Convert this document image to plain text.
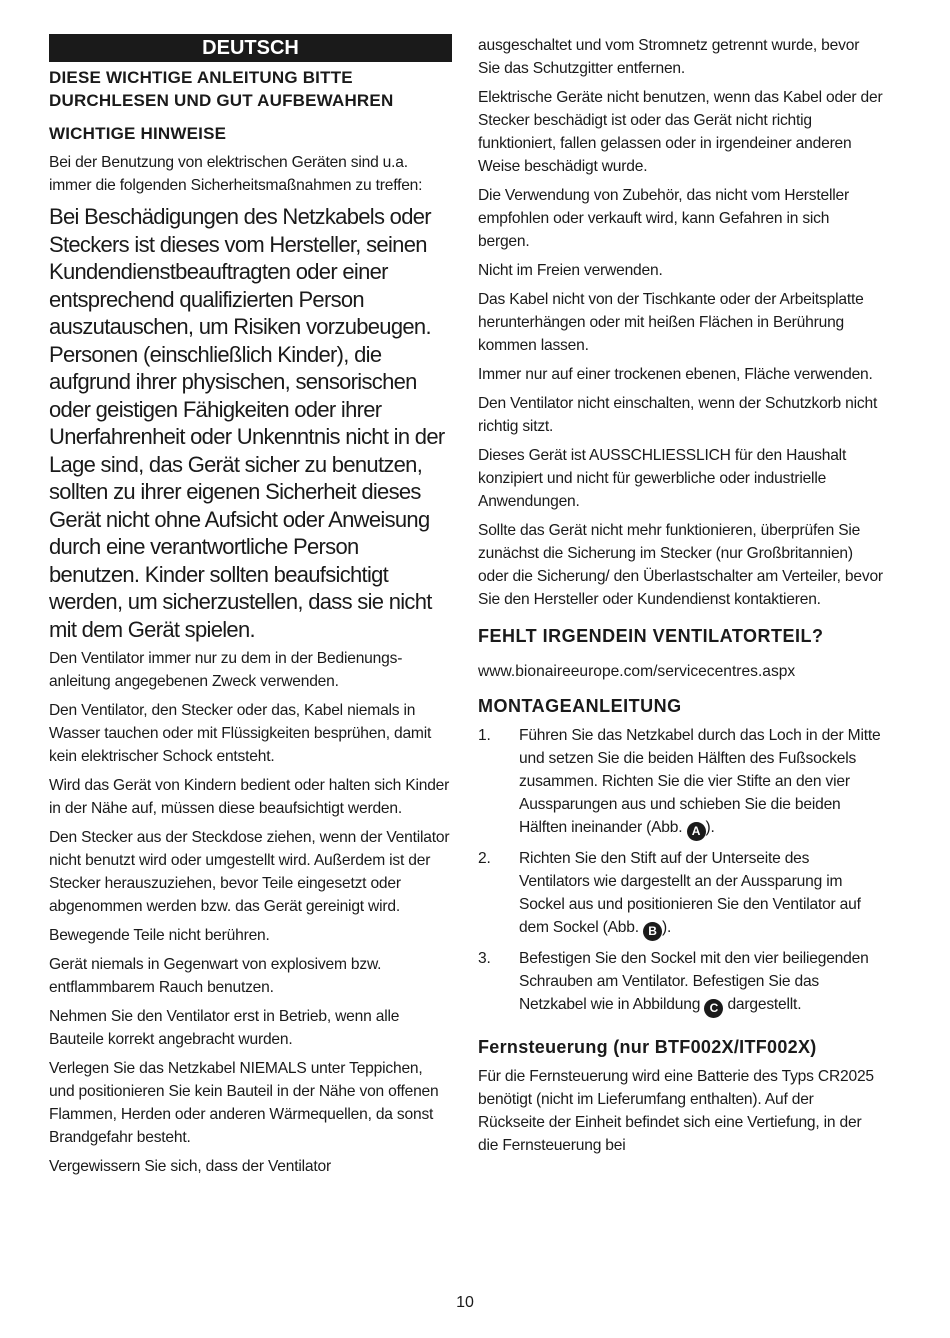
DEUTSCH
DIESE WICHTIGE ANLEITUNG BITTE DURCHLESEN UND GUT AUFBEWAHREN
WICHTIGE HINWEISE

Bei der Benutzung von elektrischen Geräten sind u.a. immer die folgenden Sicherheitsmaßnahmen zu treffen:

Bei Beschädigungen des Netzkabels oder Steckers ist dieses vom Hersteller, seinen Kundendienstbeauftragten oder einer entsprechend qualifizierten Person auszutauschen, um Risiken vorzubeugen.
Personen (einschließlich Kinder), die aufgrund ihrer physischen, sensorischen oder geistigen Fähigkeiten oder ihrer Unerfahrenheit oder Unkenntnis nicht in der Lage sind, das Gerät sicher zu benutzen, sollten zu ihrer eigenen Sicherheit dieses Gerät nicht ohne Aufsicht oder Anweisung durch eine verantwortliche Person benutzen. Kinder sollten beaufsichtigt werden, um sicherzustellen, dass sie nicht mit dem Gerät spielen.

Den Ventilator immer nur zu dem in der Bedienungsanleitung angegebenen Zweck verwenden.

Den Ventilator, den Stecker oder das, Kabel niemals in Wasser tauchen oder mit Flüssigkeiten besprühen, damit kein elektrischer Schock entsteht.

Wird das Gerät von Kindern bedient oder halten sich Kinder in der Nähe auf, müssen diese beaufsichtigt werden.

Den Stecker aus der Steckdose ziehen, wenn der Ventilator nicht benutzt wird oder umgestellt wird. Außerdem ist der Stecker herauszuziehen, bevor Teile eingesetzt oder abgenommen werden bzw. das Gerät gereinigt wird.

Bewegende Teile nicht berühren.

Gerät niemals in Gegenwart von explosivem bzw. entflammbarem Rauch benutzen.

Nehmen Sie den Ventilator erst in Betrieb, wenn alle Bauteile korrekt angebracht wurden.

Verlegen Sie das Netzkabel NIEMALS unter Teppichen, und positionieren Sie kein Bauteil in der Nähe von offenen Flammen, Herden oder anderen Wärmequellen, da sonst Brandgefahr besteht.

Vergewissern Sie sich, dass der Ventilator

ausgeschaltet und vom Stromnetz getrennt wurde, bevor Sie das Schutzgitter entfernen.

Elektrische Geräte nicht benutzen, wenn das Kabel oder der Stecker beschädigt ist oder das Gerät nicht richtig funktioniert, fallen gelassen oder in irgendeiner anderen Weise beschädigt wurde.

Die Verwendung von Zubehör, das nicht vom Hersteller empfohlen oder verkauft wird, kann Gefahren in sich bergen.

Nicht im Freien verwenden.

Das Kabel nicht von der Tischkante oder der Arbeitsplatte herunterhängen oder mit heißen Flächen in Berührung kommen lassen.

Immer nur auf einer trockenen ebenen, Fläche verwenden.

Den Ventilator nicht einschalten, wenn der Schutzkorb nicht richtig sitzt.

Dieses Gerät ist AUSSCHLIESSLICH für den Haushalt konzipiert und nicht für gewerbliche oder industrielle Anwendungen.

Sollte das Gerät nicht mehr funktionieren, überprüfen Sie zunächst die Sicherung im Stecker (nur Großbritannien) oder die Sicherung/ den Überlastschalter am Verteiler, bevor Sie den Hersteller oder Kundendienst kontaktieren.

FEHLT IRGENDEIN VENTILATORTEIL?
www.bionaireeurope.com/servicecentres.aspx
MONTAGEANLEITUNG
1. Führen Sie das Netzkabel durch das Loch in der Mitte und setzen Sie die beiden Hälften des Fußsockels zusammen. Richten Sie die vier Stifte an den vier Aussparungen aus und schieben Sie die beiden Hälften ineinander (Abb. A ).
2. Richten Sie den Stift auf der Unterseite des Ventilators wie dargestellt an der Aussparung im Sockel aus und positionieren Sie den Ventilator auf dem Sockel (Abb. B ).
3. Befestigen Sie den Sockel mit den vier beiliegenden Schrauben am Ventilator. Befestigen Sie das Netzkabel wie in Abbildung C dargestellt.
Fernsteuerung (nur BTF002X/ITF002X)

Für die Fernsteuerung wird eine Batterie des Typs CR2025 benötigt (nicht im Lieferumfang enthalten). Auf der Rückseite der Einheit befindet sich eine Vertiefung, in der die Fernsteuerung bei

10
